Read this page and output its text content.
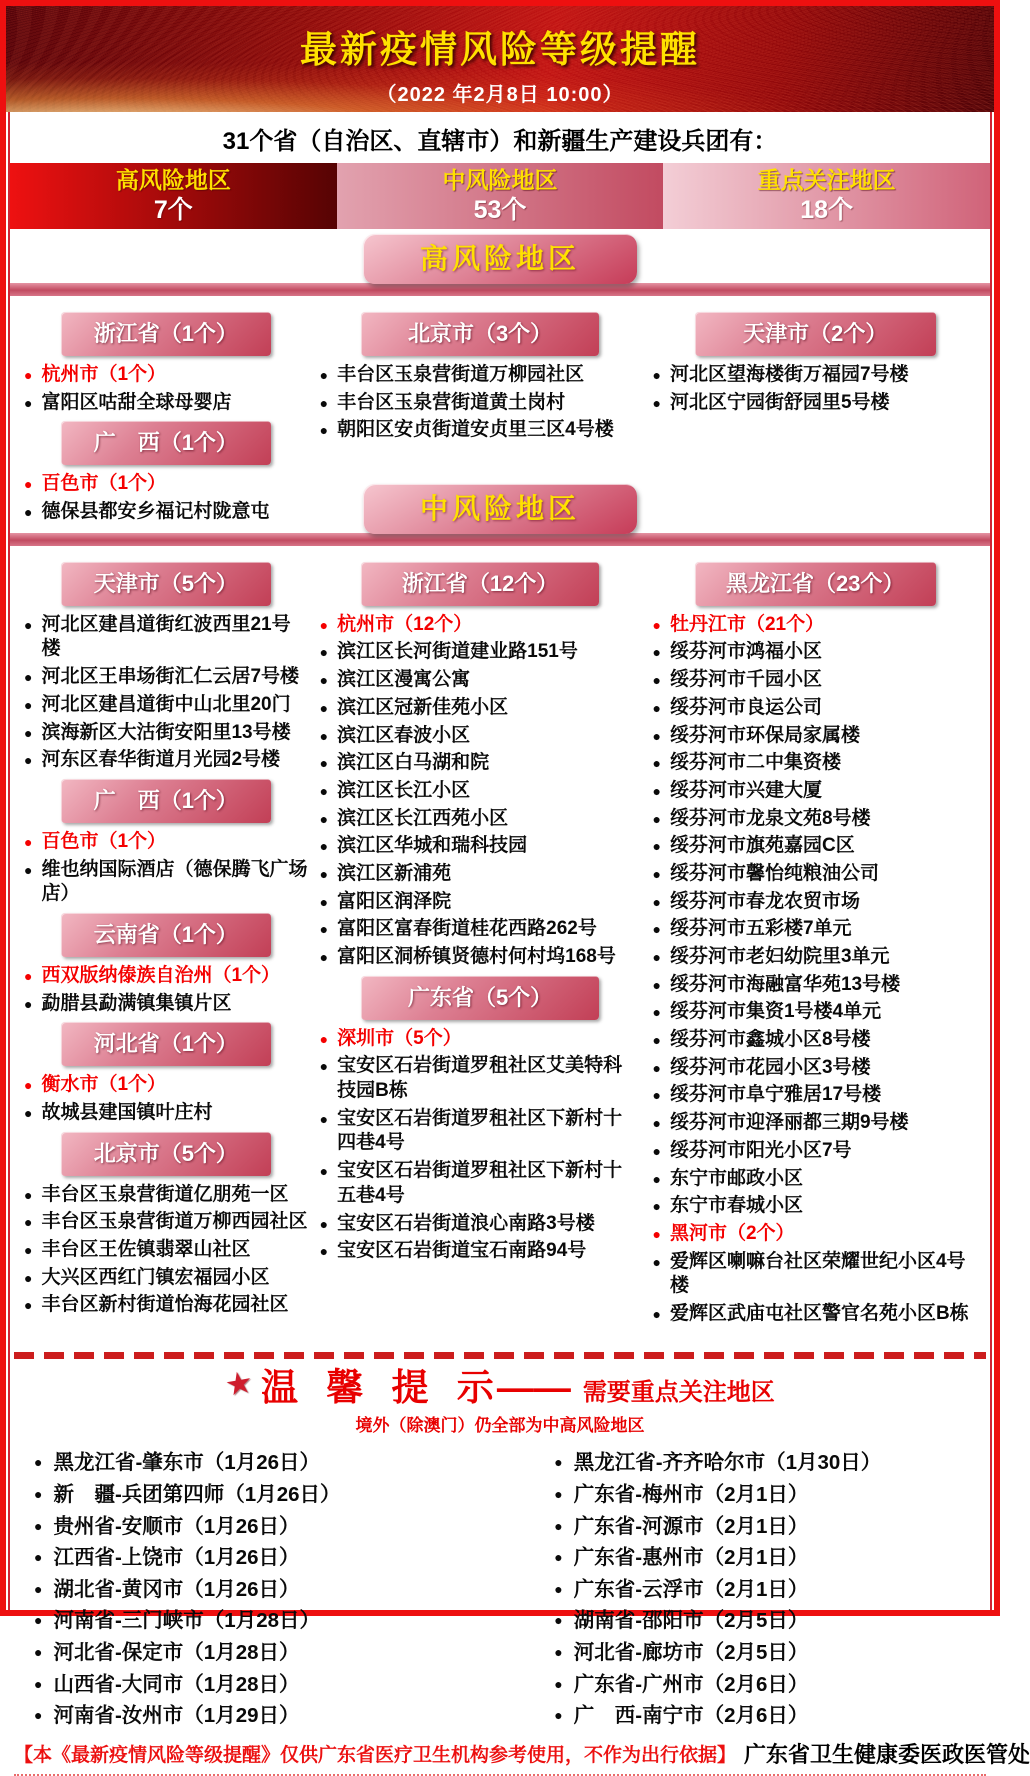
最新疫情风险等级提醒
（2022 年2月8日 10:00）
31个省（自治区、直辖市）和新疆生产建设兵团有：
高风险地区
7个
中风险地区
53个
重点关注地区
18个
高风险地区
浙江省（1个）
● 杭州市（1个）
● 富阳区咕甜全球母婴店
广　西（1个）
● 百色市（1个）
● 德保县都安乡福记村陇意屯
北京市（3个）
● 丰台区玉泉营街道万柳园社区
● 丰台区玉泉营街道黄土岗村
● 朝阳区安贞街道安贞里三区4号楼
天津市（2个）
● 河北区望海楼街万福园7号楼
● 河北区宁园街舒园里5号楼
中风险地区
天津市（5个）
● 河北区建昌道街红波西里21号楼
● 河北区王串场街汇仁云居7号楼
● 河北区建昌道街中山北里20门
● 滨海新区大沽街安阳里13号楼
● 河东区春华街道月光园2号楼
广　西（1个）
● 百色市（1个）
● 维也纳国际酒店（德保腾飞广场店）
云南省（1个）
● 西双版纳傣族自治州（1个）
● 勐腊县勐满镇集镇片区
河北省（1个）
● 衡水市（1个）
● 故城县建国镇叶庄村
北京市（5个）
● 丰台区玉泉营街道亿朋苑一区
● 丰台区玉泉营街道万柳西园社区
● 丰台区王佐镇翡翠山社区
● 大兴区西红门镇宏福园小区
● 丰台区新村街道怡海花园社区
浙江省（12个）
● 杭州市（12个）
● 滨江区长河街道建业路151号
● 滨江区漫寓公寓
● 滨江区冠新佳苑小区
● 滨江区春波小区
● 滨江区白马湖和院
● 滨江区长江小区
● 滨江区长江西苑小区
● 滨江区华城和瑞科技园
● 滨江区新浦苑
● 富阳区润泽院
● 富阳区富春街道桂花西路262号
● 富阳区洞桥镇贤德村何村坞168号
广东省（5个）
● 深圳市（5个）
● 宝安区石岩街道罗租社区艾美特科技园B栋
● 宝安区石岩街道罗租社区下新村十四巷4号
● 宝安区石岩街道罗租社区下新村十五巷4号
● 宝安区石岩街道浪心南路3号楼
● 宝安区石岩街道宝石南路94号
黑龙江省（23个）
● 牡丹江市（21个）
● 绥芬河市鸿福小区
● 绥芬河市千园小区
● 绥芬河市良运公司
● 绥芬河市环保局家属楼
● 绥芬河市二中集资楼
● 绥芬河市兴建大厦
● 绥芬河市龙泉文苑8号楼
● 绥芬河市旗苑嘉园C区
● 绥芬河市馨怡纯粮油公司
● 绥芬河市春龙农贸市场
● 绥芬河市五彩楼7单元
● 绥芬河市老妇幼院里3单元
● 绥芬河市海融富华苑13号楼
● 绥芬河市集资1号楼4单元
● 绥芬河市鑫城小区8号楼
● 绥芬河市花园小区3号楼
● 绥芬河市阜宁雅居17号楼
● 绥芬河市迎泽丽都三期9号楼
● 绥芬河市阳光小区7号
● 东宁市邮政小区
● 东宁市春城小区
● 黑河市（2个）
● 爱辉区喇嘛台社区荣耀世纪小区4号楼
● 爱辉区武庙屯社区警官名苑小区B栋
★ 温 馨 提 示—— 需要重点关注地区
境外（除澳门）仍全部为中高风险地区
● 黑龙江省-肇东市（1月26日）
● 新　疆-兵团第四师（1月26日）
● 贵州省-安顺市（1月26日）
● 江西省-上饶市（1月26日）
● 湖北省-黄冈市（1月26日）
● 河南省-三门峡市（1月28日）
● 河北省-保定市（1月28日）
● 山西省-大同市（1月28日）
● 河南省-汝州市（1月29日）
● 黑龙江省-齐齐哈尔市（1月30日）
● 广东省-梅州市（2月1日）
● 广东省-河源市（2月1日）
● 广东省-惠州市（2月1日）
● 广东省-云浮市（2月1日）
● 湖南省-邵阳市（2月5日）
● 河北省-廊坊市（2月5日）
● 广东省-广州市（2月6日）
● 广　西-南宁市（2月6日）
【本《最新疫情风险等级提醒》仅供广东省医疗卫生机构参考使用，不作为出行依据】 广东省卫生健康委医政医管处
